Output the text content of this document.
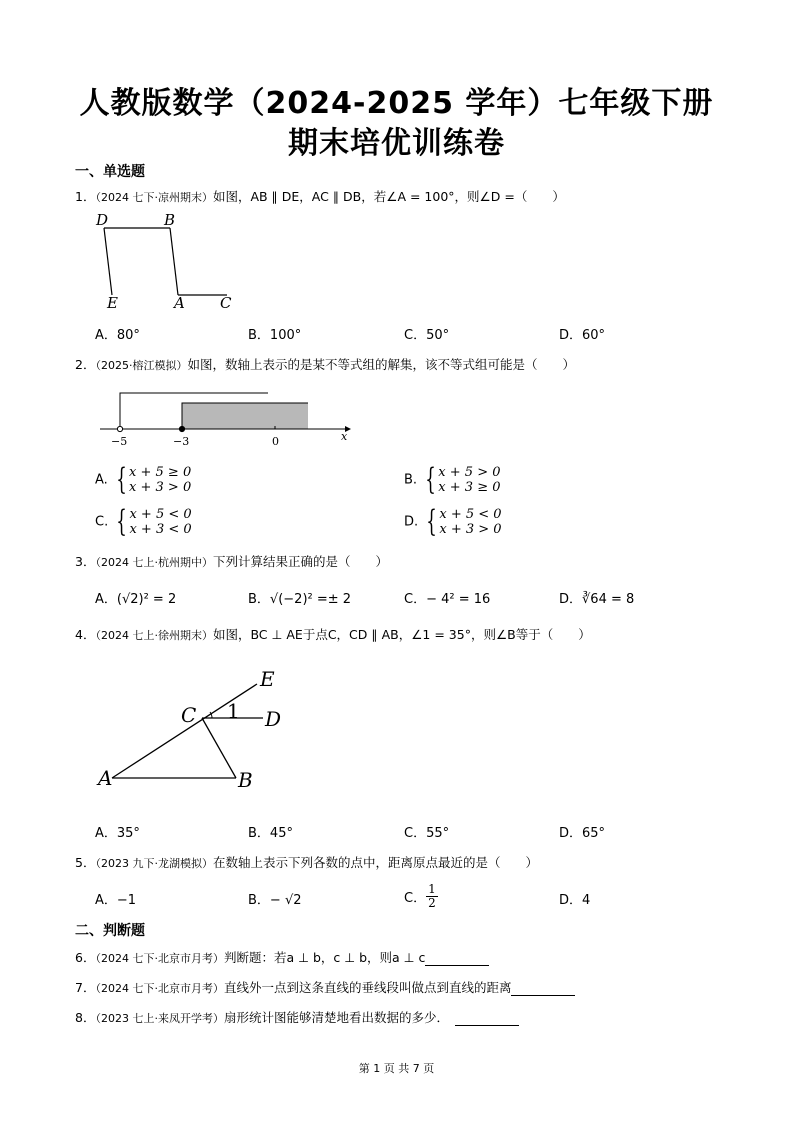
人教版数学（2024-2025 学年）七年级下册
期末培优训练卷
一、单选题
1．（2024 七下·凉州期末）如图，AB ∥ DE，AC ∥ DB，若∠A = 100°，则∠D =（　　）
D	B
E	A C
A．80°	B．100°	C．50°	D．60°
2．（2025·榕江模拟）如图，数轴上表示的是某不等式组的解集，该不等式组可能是（　　）
−5	−3	0	x
A. { x + 5 ≥ 0
x + 3 > 0	B. { x + 5 > 0
x + 3 ≥ 0
C. { x + 5 < 0
x + 3 < 0	D. { x + 5 < 0
x + 3 > 0
3．（2024 七上·杭州期中）下列计算结果正确的是（　　）
A．(√2)² = 2	B．√(−2)² =± 2	C．− 4² = 16	D．∛64 = 8
4．（2024 七上·徐州期末）如图，BC ⊥ AE于点C，CD ∥ AB，∠1 = 35°，则∠B等于（　　）
E
C 1 D
A	B
A．35°	B．45°	C．55°	D．65°
5．（2023 九下·龙湖模拟）在数轴上表示下列各数的点中，距离原点最近的是（　　）
A．−1	B．− √2	C． $\frac{1}{2}$	D．4
二、判断题
6．（2024 七下·北京市月考）判断题：若a ⊥ b，c ⊥ b，则a ⊥ c
7．（2024 七下·北京市月考）直线外一点到这条直线的垂线段叫做点到直线的距离
8．（2023 七上·来凤开学考）扇形统计图能够清楚地看出数据的多少．
第 1 页 共 7 页
